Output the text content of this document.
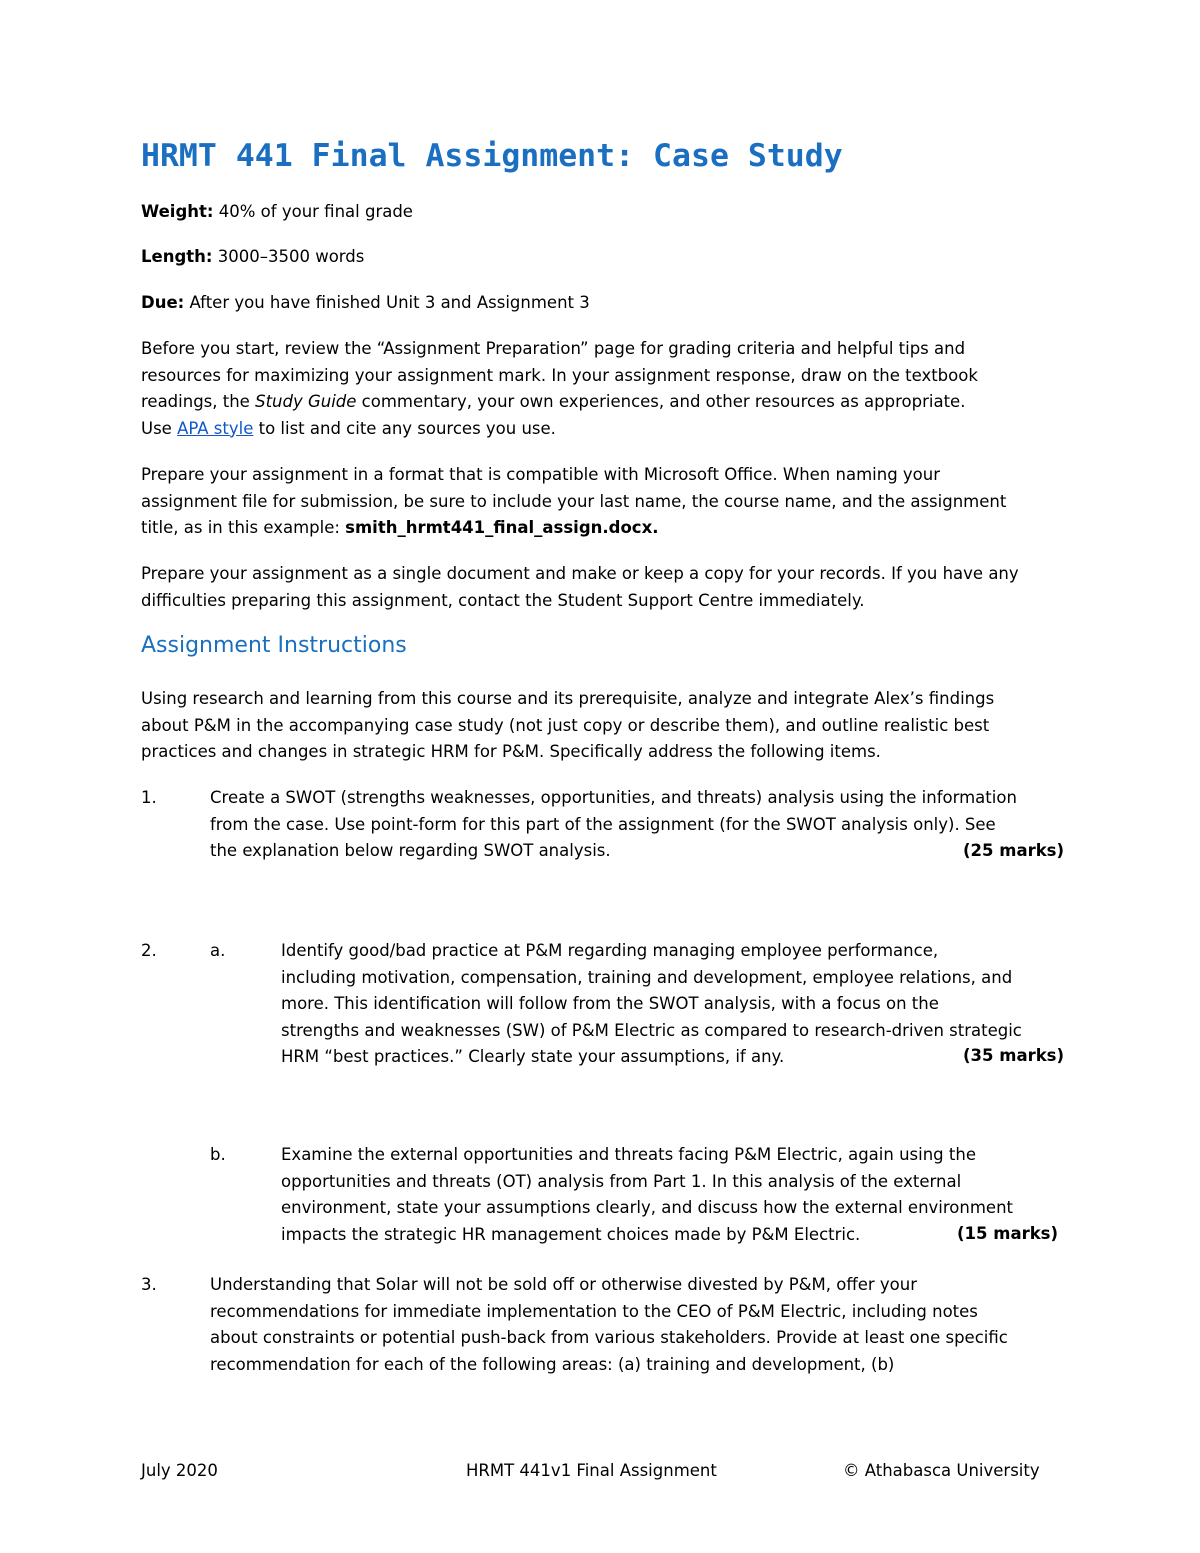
HRMT 441 Final Assignment: Case Study

Weight: 40% of your final grade

Length: 3000–3500 words

Due: After you have finished Unit 3 and Assignment 3

Before you start, review the “Assignment Preparation” page for grading criteria and helpful tips and
resources for maximizing your assignment mark. In your assignment response, draw on the textbook
readings, the Study Guide commentary, your own experiences, and other resources as appropriate.
Use APA style to list and cite any sources you use.
Prepare your assignment in a format that is compatible with Microsoft Office. When naming your
assignment file for submission, be sure to include your last name, the course name, and the assignment
title, as in this example: smith_hrmt441_final_assign.docx.
Prepare your assignment as a single document and make or keep a copy for your records. If you have any
difficulties preparing this assignment, contact the Student Support Centre immediately.
Assignment Instructions
Using research and learning from this course and its prerequisite, analyze and integrate Alex’s findings
about P&M in the accompanying case study (not just copy or describe them), and outline realistic best
practices and changes in strategic HRM for P&M. Specifically address the following items.
1.	Create a SWOT (strengths weaknesses, opportunities, and threats) analysis using the information
from the case. Use point-form for this part of the assignment (for the SWOT analysis only). See
the explanation below regarding SWOT analysis.	(25 marks)
2.	a.	Identify good/bad practice at P&M regarding managing employee performance,
including motivation, compensation, training and development, employee relations, and
more. This identification will follow from the SWOT analysis, with a focus on the
strengths and weaknesses (SW) of P&M Electric as compared to research-driven strategic
HRM “best practices.” Clearly state your assumptions, if any.	(35 marks)
b.	Examine the external opportunities and threats facing P&M Electric, again using the
opportunities and threats (OT) analysis from Part 1. In this analysis of the external
environment, state your assumptions clearly, and discuss how the external environment
impacts the strategic HR management choices made by P&M Electric.	(15 marks)
3.	Understanding that Solar will not be sold off or otherwise divested by P&M, offer your
recommendations for immediate implementation to the CEO of P&M Electric, including notes
about constraints or potential push-back from various stakeholders. Provide at least one specific
recommendation for each of the following areas: (a) training and development, (b)
July 2020	HRMT 441v1 Final Assignment	© Athabasca University
